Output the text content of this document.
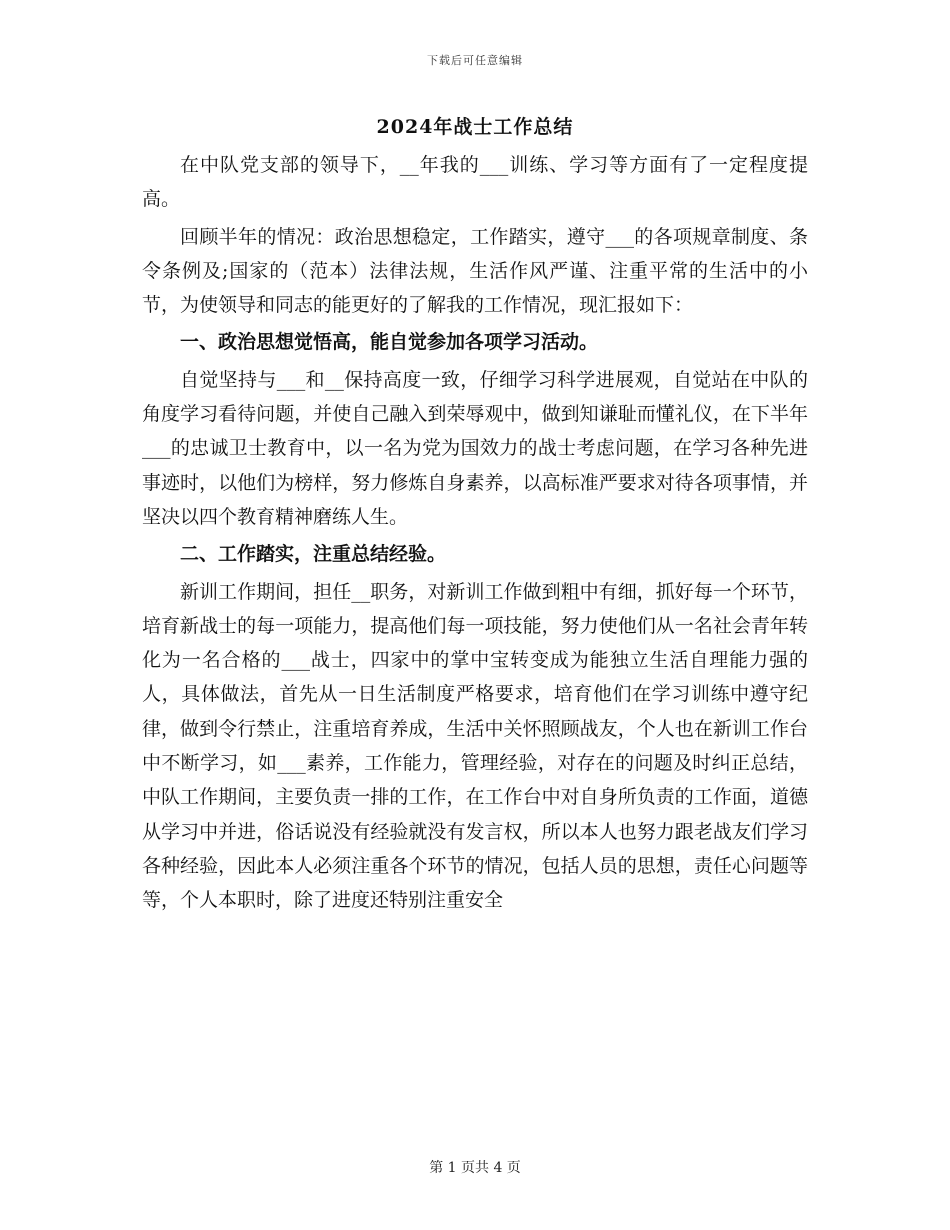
下载后可任意编辑
2024年战士工作总结

在中队党支部的领导下，__年我的___训练、学习等方面有了一定程度提高。

回顾半年的情况：政治思想稳定，工作踏实，遵守___的各项规章制度、条令条例及;国家的（范本）法律法规，生活作风严谨、注重平常的生活中的小节，为使领导和同志的能更好的了解我的工作情况，现汇报如下：

一、政治思想觉悟高，能自觉参加各项学习活动。

自觉坚持与___和__保持高度一致，仔细学习科学进展观，自觉站在中队的角度学习看待问题，并使自己融入到荣辱观中，做到知谦耻而懂礼仪，在下半年___的忠诚卫士教育中，以一名为党为国效力的战士考虑问题，在学习各种先进事迹时，以他们为榜样，努力修炼自身素养，以高标准严要求对待各项事情，并坚决以四个教育精神磨练人生。

二、工作踏实，注重总结经验。

新训工作期间，担任__职务，对新训工作做到粗中有细，抓好每一个环节，培育新战士的每一项能力，提高他们每一项技能，努力使他们从一名社会青年转化为一名合格的___战士，四家中的掌中宝转变成为能独立生活自理能力强的人，具体做法，首先从一日生活制度严格要求，培育他们在学习训练中遵守纪律，做到令行禁止，注重培育养成，生活中关怀照顾战友，个人也在新训工作台中不断学习，如___素养，工作能力，管理经验，对存在的问题及时纠正总结，中队工作期间，主要负责一排的工作，在工作台中对自身所负责的工作面，道德从学习中并进，俗话说没有经验就没有发言权，所以本人也努力跟老战友们学习各种经验，因此本人必须注重各个环节的情况，包括人员的思想，责任心问题等等，个人本职时，除了进度还特别注重安全

第 1 页共 4 页
